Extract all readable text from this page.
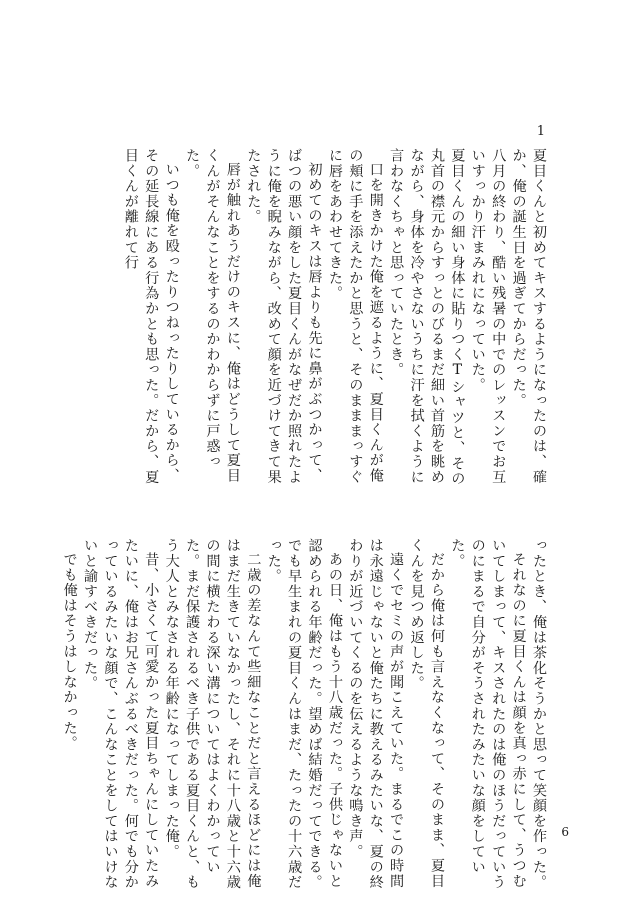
1

夏目くんと初めてキスするようになったのは、確か、俺の誕生日を過ぎてからだった。

八月の終わり、酷い残暑の中でのレッスンでお互いすっかり汗まみれになっていた。

夏目くんの細い身体に貼りつくTシャツと、その丸首の襟元からすっとのびるまだ細い首筋を眺めながら、身体を冷やさないうちに汗を拭くように言わなくちゃと思っていたとき。

口を開きかけた俺を遮るように、夏目くんが俺の頬に手を添えたかと思うと、そのまままっすぐに唇をあわせてきた。

初めてのキスは唇よりも先に鼻がぶつかって、ばつの悪い顔をした夏目くんがなぜだか照れたように俺を睨みながら、改めて顔を近づけてきて果たされた。

唇が触れあうだけのキスに、俺はどうして夏目くんがそんなことをするのかわからずに戸惑った。

いつも俺を殴ったりつねったりしているから、その延長線にある行為かとも思った。だから、夏目くんが離れて行

ったとき、俺は茶化そうかと思って笑顔を作った。

それなのに夏目くんは顔を真っ赤にして、うつむいてしまって、キスされたのは俺のほうだっていうのにまるで自分がそうされたみたいな顔をしていた。

だから俺は何も言えなくなって、そのまま、夏目くんを見つめ返した。

遠くでセミの声が聞こえていた。まるでこの時間は永遠じゃないと俺たちに教えるみたいな、夏の終わりが近づいてくるのを伝えるような鳴き声。

あの日、俺はもう十八歳だった。子供じゃないと認められる年齢だった。望めば結婚だってできる。でも早生まれの夏目くんはまだ、たったの十六歳だった。

二歳の差なんて些細なことだと言えるほどには俺はまだ生きていなかったし、それに十八歳と十六歳の間に横たわる深い溝についてはよくわかっていた。まだ保護されるべき子供である夏目くんと、もう大人とみなされる年齢になってしまった俺。

昔、小さくて可愛かった夏目ちゃんにしていたみたいに、俺はお兄さんぶるべきだった。何でも分かっているみたいな顔で、こんなことをしてはいけないと諭すべきだった。

でも俺はそうはしなかった。

6
